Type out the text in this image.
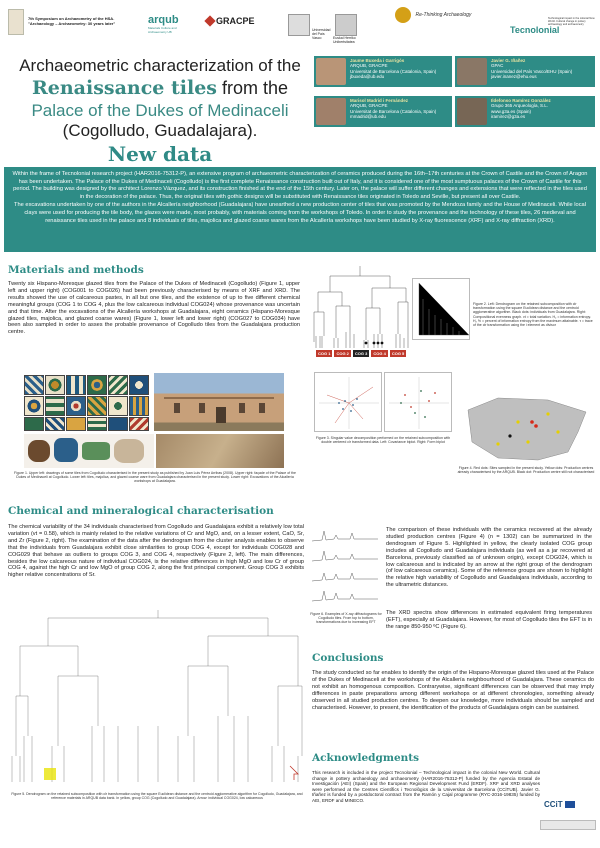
7th Symposium on Archaeometry of the HSA.
"Archaeology – Archaeometry: 30 years later"	arqub
Materials Culture and Archaeometry UB
GRACPE
Universidad del País Vasco	Euskal Herriko Unibertsitatea
Re-Thinking Archaeology
Tecnolonial
Technological impact in the colonial New World. Cultural change in pottery archaeology and archaeometry
Archaeometric characterization of the
Renaissance tiles from the
Palace of the Dukes of Medinaceli
(Cogolludo, Guadalajara).
New data
Jaume Buxeda i Garrigós
ARQUB, GRACPE
Universitat de Barcelona (Catalonia, Spain)
jbuxeda@ub.edu
Javier G. Iñañez
GPAC
Universidad del País Vasco/EHU (Spain)
javier.inanez@ehu.eus
Marisol Madrid i Fernández
ARQUB, GRACPE
Universitat de Barcelona (Catalonia, Spain)
mmadrid@ub.edu
Ildefonso Ramírez González
Grupo 365 Arqueología, S.L.
www.g3a.es (Spain)
iramirez@g3a.es

Within the frame of Tecnolonial research project (HAR2016-75312-P), an extensive program of archaeometric characterization of ceramics produced during the 16th–17th centuries at the Crown of Castile and the Crown of Aragon has been undertaken. The Palace of the Dukes of Medinaceli (Cogolludo) is the first complete Renaissance construction built out of Italy, and it is considered one of the most sumptuous palaces of the Crown of Castile for this period. The building was designed by the architect Lorenzo Vázquez, and its construction finished at the end of the 15th century. Later on, the palace will suffer different changes and extensions that were reflected in the tiles used in the decoration of the palace. Thus, the original tiles with gothic designs will be substituted with Renaissance tiles originated in Toledo and Seville, but present all over Castile.

The excavations undertaken by one of the authors in the Alcallería neighborhood (Guadalajara) have unearthed a new production center of tiles that was promoted by the Mendoza family and the House of Medinaceli. While local clays were used for producing the tile body, the glazes were made, most probably, with materials coming from the workshops of Toledo. In order to study the provenance and the technology of these tiles, 26 medieval and renaissance tiles used in the palace and 8 individuals of tiles, majolica and glazed coarse wares from the Alcallería workshops have been studied by X-ray fluorescence (XRF) and X-ray diffraction (XRD).

Materials and methods
Twenty six Hispano-Moresque glazed tiles from the Palace of the Dukes of Medinaceli (Cogolludo) (Figure 1, upper left and upper right) (COG001 to COG026) had been previously characterised by means of XRF and XRD. The results showed the use of calcareous pastes, in all but one tiles, and the existence of up to five different chemical meaningful groups (COG 1 to COG 4, plus the low calcareous individual COG024) whose provenance was uncertain and that time. After the excavations of the Alcallería workshops at Guadalajara, eight ceramics (Hispano-Moresque glazed tiles, majolica, and glazed coarse wares) (Figure 1, lower left and lower right) (COG027 to COG034) have been also sampled in order to asses the probable provenance of Cogolludo tiles from the Guadalajara production centre.
Figure 1. Upper left: drawings of some tiles from Cogolludo characterised in the present study as published by Juan Luis Pérez Arribas (2008). Upper right: façade of the Palace of the Dukes of Medinaceli at Cogolludo. Lower left: tiles, majolica, and glazed coarse ware from Guadalajara characterised in the present study. Lower right: Excavations of the Alcallería workshops at Guadalajara.
COG 1	COG 2	COG 3	COG 4	COG 5
Figure 2. Left: Dendrogram on the retained subcomposition with clr transformation using the square Euclidean distance and the centroid agglomerative algorithm. Black dots: individuals from Guadalajara. Right: Compositional evenness graph. vt = total variation. H₂ = information entropy. H₂ % = percent of information entropy from the maximum attainable. τ = trace of the clr transformation using the i element as divisor
Figure 3. Singular value decomposition performed on the retained subcomposition with double centered clr transformed data. Left: Covariance biplot. Right: Form biplot
Figure 4. Red dots: Sites sampled in the present study. Yellow dots: Production centres already characterised by the ARQUB. Black dot: Production centre still not characterised
Chemical and mineralogical characterisation
The chemical variability of the 34 individuals characterised from Cogolludo and Guadalajara exhibit a relatively low total variation (vt = 0.58), which is mainly related to the relative variations of Cr and MgO, and, on a lesser extent, CaO, Sr, and Zr (Figure 2, right). The examination of the data after the dendrogram from the cluster analysis enables to observe that the individuals from Guadalajara exhibit close similarities to group COG 4, except for individuals COG028 and COG029 that behave as outliers to groups COG 3, and COG 4, respectively (Figure 2, left). The main differences, besides the low calcareous nature of individual COG024, is the relative differences in high MgO and low Cr of group COG 4, against the high Cr and low MgO of group COG 2, along the first principal component. Group COG 3 exhibits higher relative concentrations of Sr.
Figure 5. Dendrogram on the retained subcomposition with clr transformation using the square Euclidean distance and the centroid agglomerative algorithm for Cogolludo, Guadalajara, and reference materials in ARQUB data bank. In yellow, group COG (Cogolludo and Guadalajara). Arrow: individual COG024, low calcareous
Figure 6. Examples of X-ray diffractograms for Cogolludo tiles. From top to bottom, transformations due to increasing EFT
The comparison of these individuals with the ceramics recovered at the already studied production centres (Figure 4) (n = 1302) can be summarized in the dendrogram of Figure 5. Highlighted in yellow, the clearly isolated COG group includes all Cogolludo and Guadalajara individuals (as well as a jar recovered at Barcelona, previously classified as of unknown origin), except COG024, which is low calcareous and is indicated by an arrow at the right group of the dendrogram (of low calcareous ceramics). Some of the reference groups are shown to highlight the relative high variability of Cogolludo and Guadalajara individuals, according to the ultrametric distances.
The XRD spectra show differences in estimated equivalent firing temperatures (EFT), especially at Guadalajara. However, for most of Cogolludo tiles the EFT is in the range 850-950 ºC (Figure 6).
Conclusions
The study conducted so far enables to identify the origin of the Hispano-Moresque glazed tiles used at the Palace of the Dukes of Medinaceli at the workshops of the Alcallería neighbourhood of Guadalajara. These ceramics do not exhibit an homogenous composition. Contrarywise, significant differences can be observed that may imply differences in paste preparations among different workshops or at different chronologies, something already observed in all studied production centres. To deepen our knowledge, more individuals should be sampled and characterised. However, to present, the identification of the products of Guadalajara origin can be sustained.
Acknowledgments
This research is included in the project Tecnolonial – Technological impact in the colonial New World. Cultural change in pottery archaeology and archaeometry (HAR2016-75312-P) funded by the Agencia Estatal de Investigación (AEI) (Spain) and the European Regional Development Fund (ERDF). XRF and XRD analyses were performed at the Centres Científics i Tecnològics de la Universitat de Barcelona (CCiTUB). Javier G. Iñañez is funded by a postdoctoral contract from the Ramón y Cajal programme (RYC-2016-19835) funded by AEI, ERDF and MINECO.	CCiT
